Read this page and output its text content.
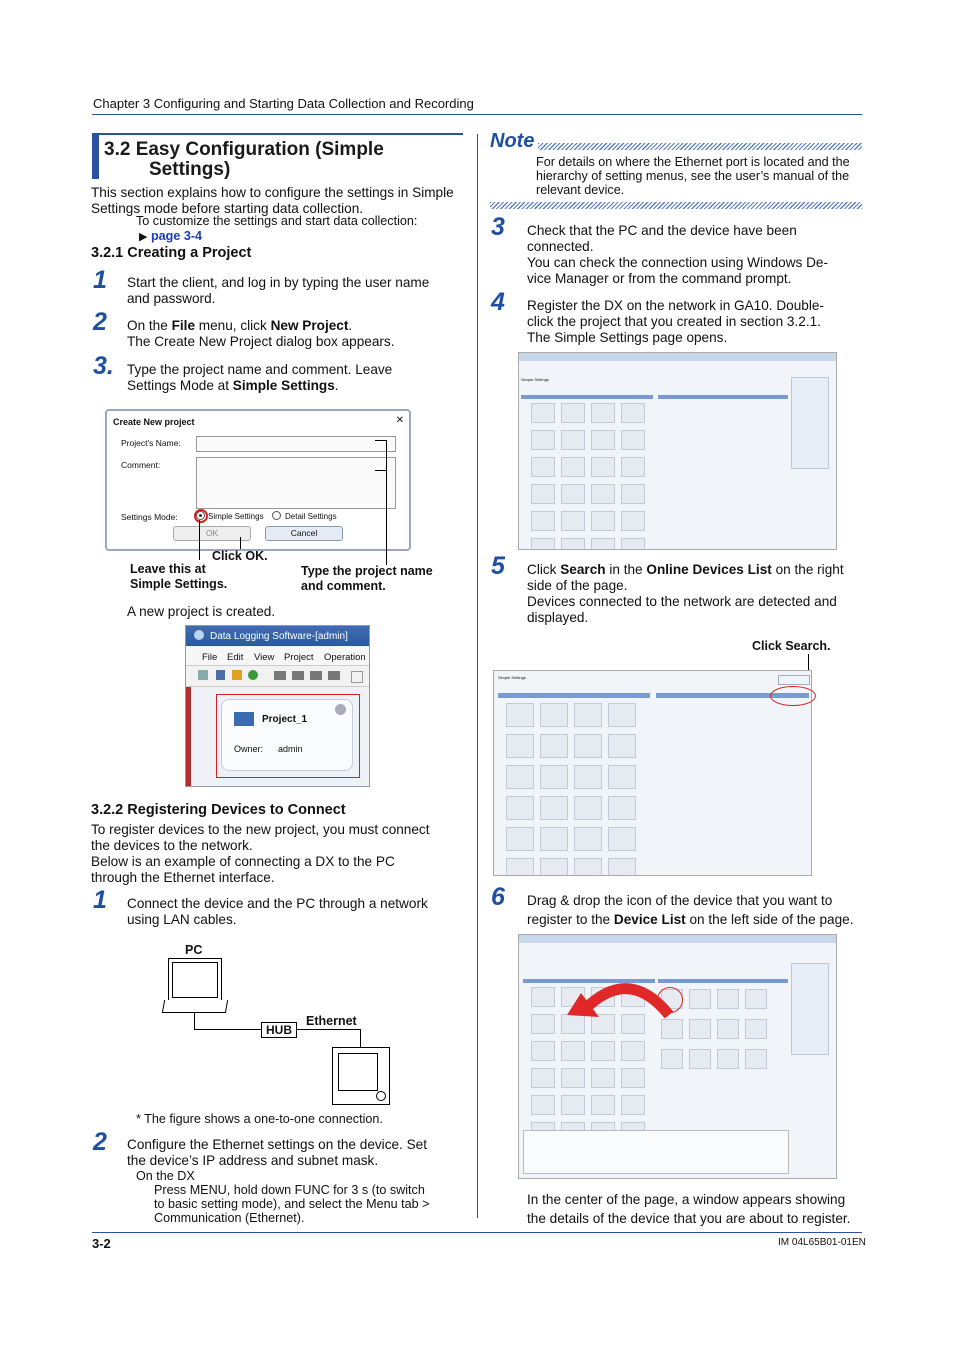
Chapter 3 Configuring and Starting Data Collection and Recording
3.2 Easy Configuration (Simple
Settings)
This section explains how to configure the settings in Simple
Settings mode before starting data collection.
To customize the settings and start data collection:
▶ page 3-4
3.2.1 Creating a Project
1 Start the client, and log in by typing the user name
and password.
2 On the File menu, click New Project.
The Create New Project dialog box appears.
3. Type the project name and comment. Leave
Settings Mode at Simple Settings.
Create New project	✕
Project's Name:
Comment:
Settings Mode:	Simple Settings	Detail Settings
OK	Cancel
Click OK.
Leave this at
Simple Settings.
Type the project name
and comment.
A new project is created.
Data Logging Software-[admin]
File Edit View Project Operation
Project_1
Owner: admin
3.2.2 Registering Devices to Connect
To register devices to the new project, you must connect
the devices to the network.
Below is an example of connecting a DX to the PC
through the Ethernet interface.
1 Connect the device and the PC through a network
using LAN cables.
PC
HUB
Ethernet
* The figure shows a one-to-one connection.
2 Configure the Ethernet settings on the device. Set
the device’s IP address and subnet mask.
On the DX
Press MENU, hold down FUNC for 3 s (to switch
to basic setting mode), and select the Menu tab >
Communication (Ethernet).
Note
For details on where the Ethernet port is located and the
hierarchy of setting menus, see the user’s manual of the
relevant device.
3 Check that the PC and the device have been
connected.
You can check the connection using Windows De-
vice Manager or from the command prompt.
4 Register the DX on the network in GA10. Double-
click the project that you created in section 3.2.1.
The Simple Settings page opens.
Simple Settings
5 Click Search in the Online Devices List on the right
side of the page.
Devices connected to the network are detected and
displayed.
Click Search.
Simple Settings
6 Drag & drop the icon of the device that you want to
register to the Device List on the left side of the page.
In the center of the page, a window appears showing
the details of the device that you are about to register.
3-2	IM 04L65B01-01EN
